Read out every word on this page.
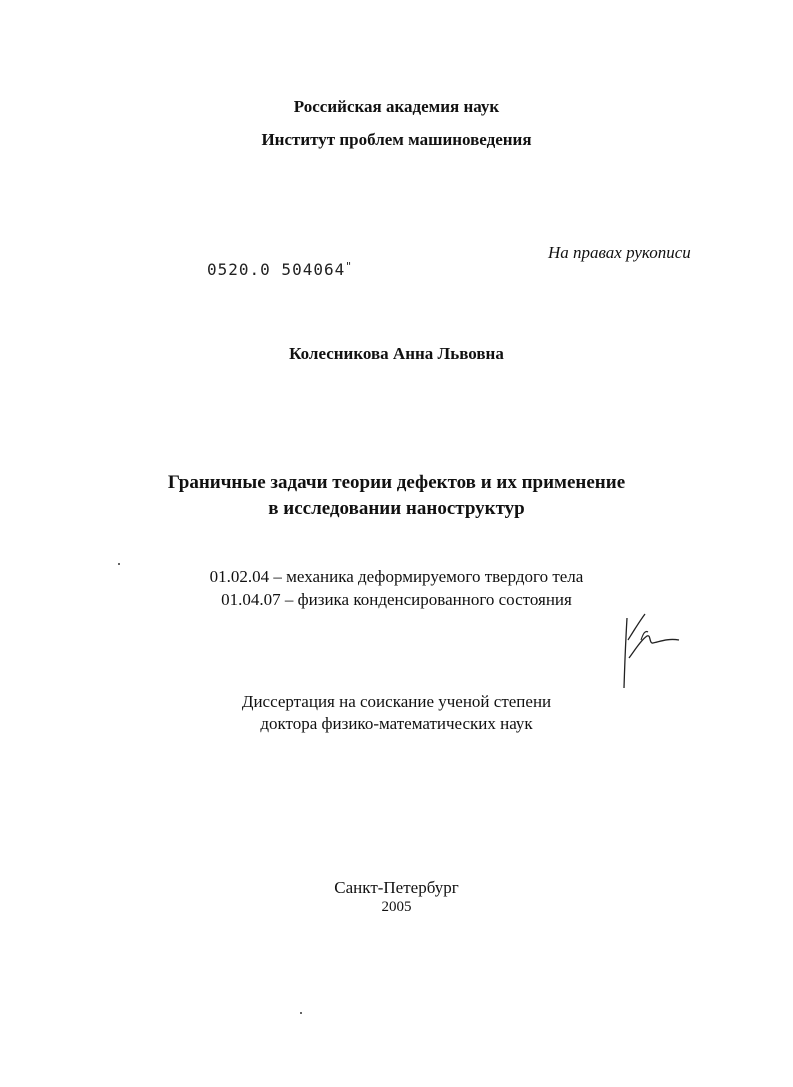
Российская академия наук
Институт проблем машиноведения
На правах рукописи
0520.0 504064"
Колесникова Анна Львовна
Граничные задачи теории дефектов и их применение
в исследовании наноструктур
01.02.04 – механика деформируемого твердого тела
01.04.07 – физика конденсированного состояния
Диссертация на соискание ученой степени
доктора физико-математических наук
Санкт-Петербург
2005
